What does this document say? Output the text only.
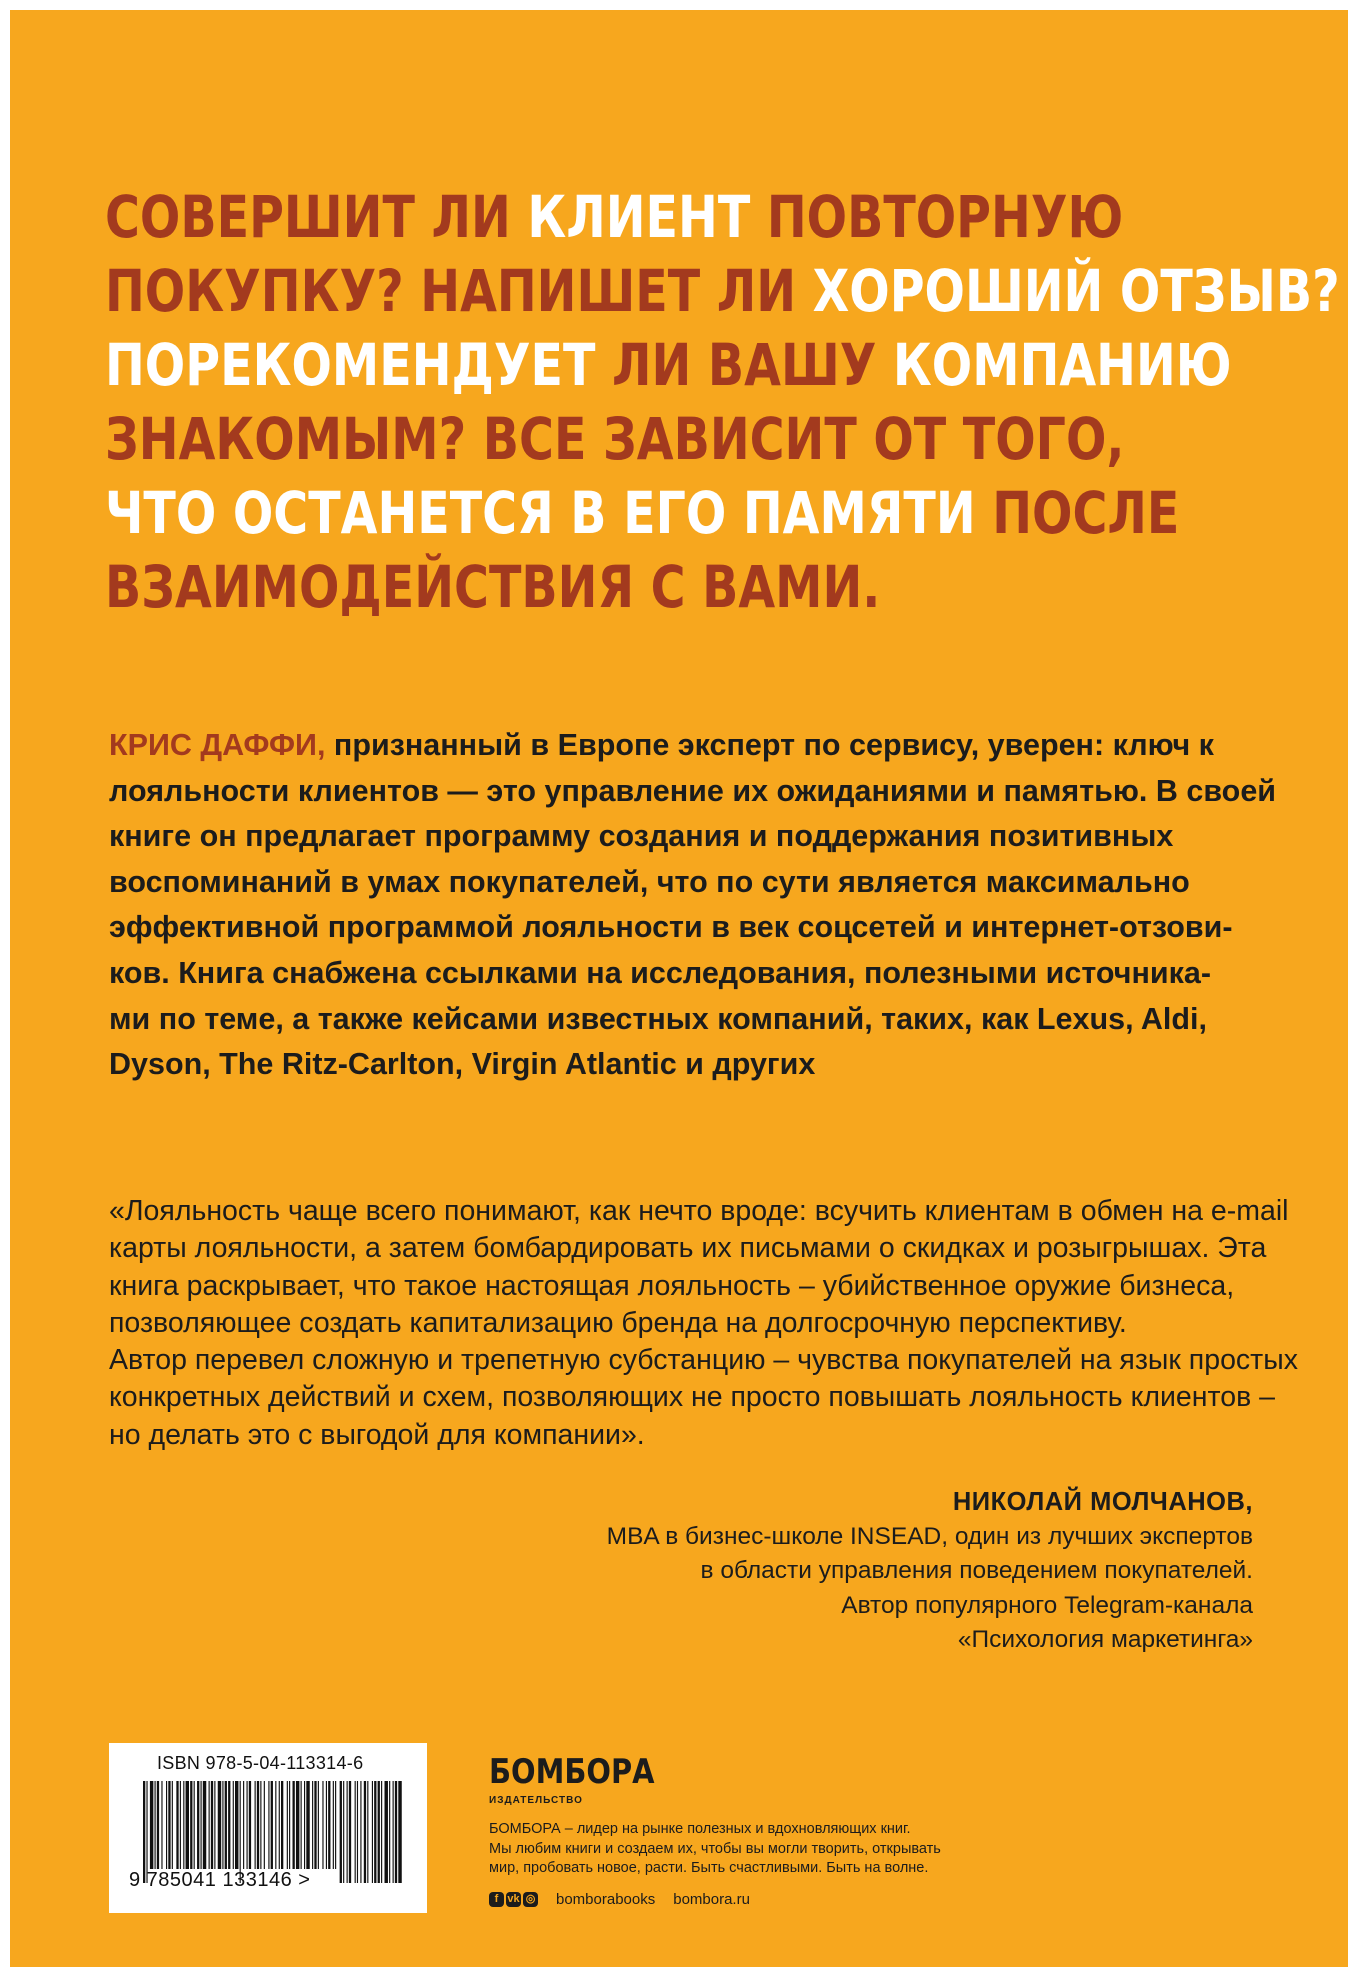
СОВЕРШИТ ЛИ КЛИЕНТ ПОВТОРНУЮ
ПОКУПКУ? НАПИШЕТ ЛИ ХОРОШИЙ ОТЗЫВ?
ПОРЕКОМЕНДУЕТ ЛИ ВАШУ КОМПАНИЮ
ЗНАКОМЫМ? ВСЕ ЗАВИСИТ ОТ ТОГО,
ЧТО ОСТАНЕТСЯ В ЕГО ПАМЯТИ ПОСЛЕ
ВЗАИМОДЕЙСТВИЯ С ВАМИ.
КРИС ДАФФИ, признанный в Европе эксперт по сервису, уверен: ключ к
лояльности клиентов — это управление их ожиданиями и памятью. В своей
книге он предлагает программу создания и поддержания позитивных
воспоминаний в умах покупателей, что по сути является максимально
эффективной программой лояльности в век соцсетей и интернет-отзови-
ков. Книга снабжена ссылками на исследования, полезными источника-
ми по теме, а также кейсами известных компаний, таких, как Lexus, Aldi,
Dyson, The Ritz-Carlton, Virgin Atlantic и других
«Лояльность чаще всего понимают, как нечто вроде: всучить клиентам в обмен на e-mail
карты лояльности, а затем бомбардировать их письмами о скидках и розыгрышах. Эта
книга раскрывает, что такое настоящая лояльность – убийственное оружие бизнеса,
позволяющее создать капитализацию бренда на долгосрочную перспективу.
Автор перевел сложную и трепетную субстанцию – чувства покупателей на язык простых
конкретных действий и схем, позволяющих не просто повышать лояльность клиентов –
но делать это с выгодой для компании».
НИКОЛАЙ МОЛЧАНОВ,
MBA в бизнес-школе INSEAD, один из лучших экспертов
в области управления поведением покупателей.
Автор популярного Telegram-канала
«Психология маркетинга»
ISBN 978-5-04-113314-6
9 785041 133146 >
БОМБОРА
ИЗДАТЕЛЬСТВО
БОМБОРА – лидер на рынке полезных и вдохновляющих книг.
Мы любим книги и создаем их, чтобы вы могли творить, открывать
мир, пробовать новое, расти. Быть счастливыми. Быть на волне.
f vk ◎ bomborabooks bombora.ru
